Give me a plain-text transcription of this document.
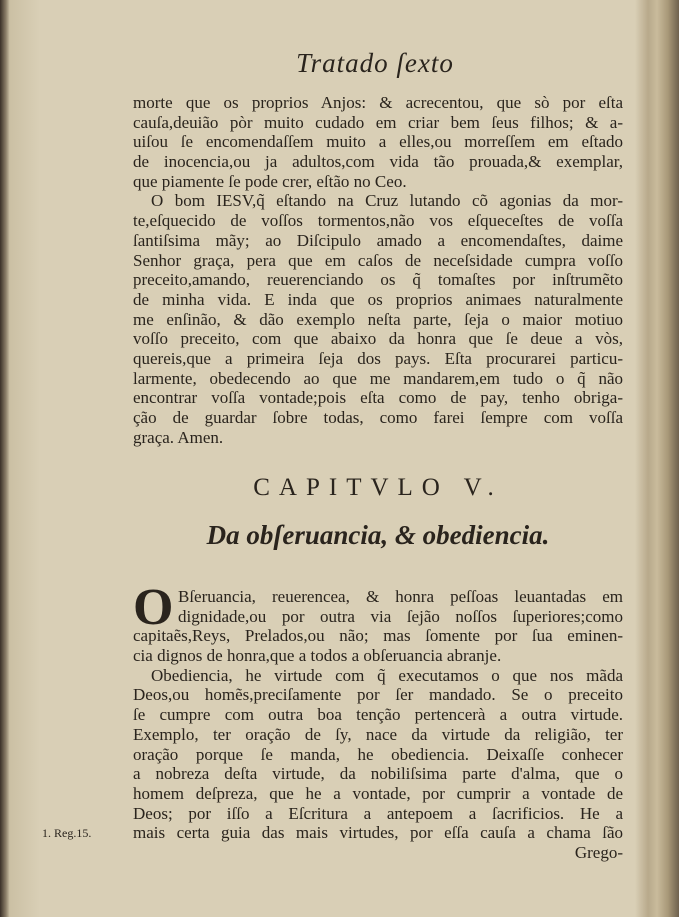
Tratado ſexto
morte que os proprios Anjos: & acrecentou, que sò por eſta
cauſa,deuião pòr muito cudado em criar bem ſeus filhos; & a-
uiſou ſe encomendaſſem muito a elles,ou morreſſem em eſtado
de inocencia,ou ja adultos,com vida tão prouada,& exemplar,
que piamente ſe pode crer, eſtão no Ceo.
O bom IESV,q̃ eſtando na Cruz lutando cõ agonias da mor-
te,eſquecido de voſſos tormentos,não vos eſqueceſtes de voſſa
ſantiſsima mãy; ao Diſcipulo amado a encomendaſtes, daime
Senhor graça, pera que em caſos de neceſsidade cumpra voſſo
preceito,amando, reuerenciando os q̃ tomaſtes por inſtrumẽto
de minha vida. E inda que os proprios animaes naturalmente
me enſinão, & dão exemplo neſta parte, ſeja o maior motiuo
voſſo preceito, com que abaixo da honra que ſe deue a vòs,
quereis,que a primeira ſeja dos pays. Eſta procurarei particu-
larmente, obedecendo ao que me mandarem,em tudo o q̃ não
encontrar voſſa vontade;pois eſta como de pay, tenho obriga-
ção de guardar ſobre todas, como farei ſempre com voſſa
graça. Amen.
CAPITVLO V.
Da obſeruancia, & obediencia.
O Bſeruancia, reuerencea, & honra peſſoas leuantadas em
dignidade,ou por outra via ſejão noſſos ſuperiores;como
capitaẽs,Reys, Prelados,ou não; mas ſomente por ſua eminen-
cia dignos de honra,que a todos a obſeruancia abranje.
Obediencia, he virtude com q̃ executamos o que nos mãda
Deos,ou homẽs,preciſamente por ſer mandado. Se o preceito
ſe cumpre com outra boa tenção pertencerà a outra virtude.
Exemplo, ter oração de ſy, nace da virtude da religião, ter
oração porque ſe manda, he obediencia. Deixaſſe conhecer
a nobreza deſta virtude, da nobiliſsima parte d'alma, que o
homem deſpreza, que he a vontade, por cumprir a vontade de
Deos; por iſſo a Eſcritura a antepoem a ſacrificios. He a
mais certa guia das mais virtudes, por eſſa cauſa a chama ſão
Grego-
1. Reg.15.
